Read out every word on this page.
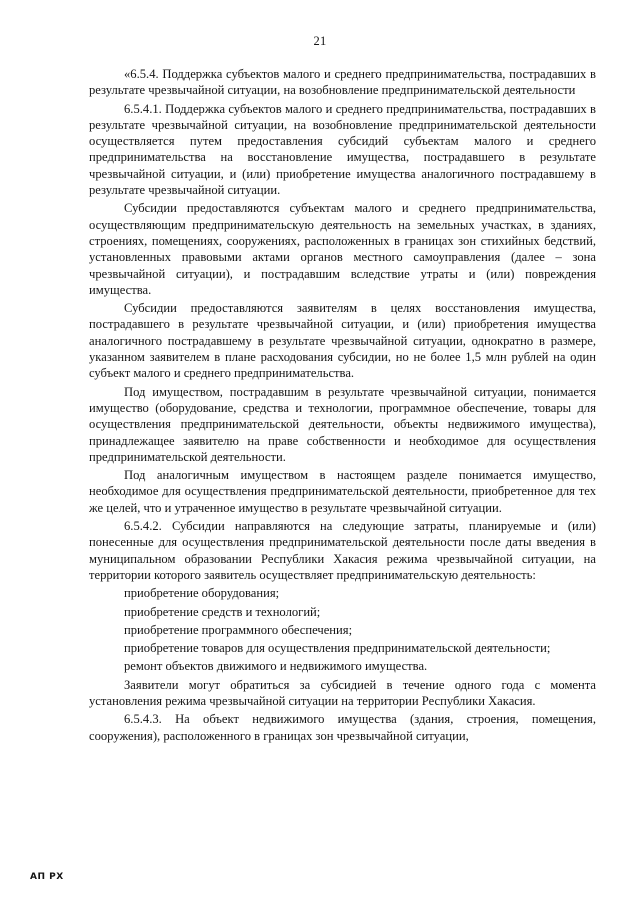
21

«6.5.4. Поддержка субъектов малого и среднего предпринимательства, пострадавших в результате чрезвычайной ситуации, на возобновление предпринимательской деятельности

6.5.4.1. Поддержка субъектов малого и среднего предпринимательства, пострадавших в результате чрезвычайной ситуации, на возобновление предпринимательской деятельности осуществляется путем предоставления субсидий субъектам малого и среднего предпринимательства на восстановление имущества, пострадавшего в результате чрезвычайной ситуации, и (или) приобретение имущества аналогичного пострадавшему в результате чрезвычайной ситуации.

Субсидии предоставляются субъектам малого и среднего предпринимательства, осуществляющим предпринимательскую деятельность на земельных участках, в зданиях, строениях, помещениях, сооружениях, расположенных в границах зон стихийных бедствий, установленных правовыми актами органов местного самоуправления (далее – зона чрезвычайной ситуации), и пострадавшим вследствие утраты и (или) повреждения имущества.

Субсидии предоставляются заявителям в целях восстановления имущества, пострадавшего в результате чрезвычайной ситуации, и (или) приобретения имущества аналогичного пострадавшему в результате чрезвычайной ситуации, однократно в размере, указанном заявителем в плане расходования субсидии, но не более 1,5 млн рублей на один субъект малого и среднего предпринимательства.

Под имуществом, пострадавшим в результате чрезвычайной ситуации, понимается имущество (оборудование, средства и технологии, программное обеспечение, товары для осуществления предпринимательской деятельности, объекты недвижимого имущества), принадлежащее заявителю на праве собственности и необходимое для осуществления предпринимательской деятельности.

Под аналогичным имуществом в настоящем разделе понимается имущество, необходимое для осуществления предпринимательской деятельности, приобретенное для тех же целей, что и утраченное имущество в результате чрезвычайной ситуации.

6.5.4.2. Субсидии направляются на следующие затраты, планируемые и (или) понесенные для осуществления предпринимательской деятельности после даты введения в муниципальном образовании Республики Хакасия режима чрезвычайной ситуации, на территории которого заявитель осуществляет предпринимательскую деятельность:

приобретение оборудования;

приобретение средств и технологий;

приобретение программного обеспечения;

приобретение товаров для осуществления предпринимательской деятельности;

ремонт объектов движимого и недвижимого имущества.

Заявители могут обратиться за субсидией в течение одного года с момента установления режима чрезвычайной ситуации на территории Республики Хакасия.

6.5.4.3. На объект недвижимого имущества (здания, строения, помещения, сооружения), расположенного в границах зон чрезвычайной ситуации,

АП РХ
